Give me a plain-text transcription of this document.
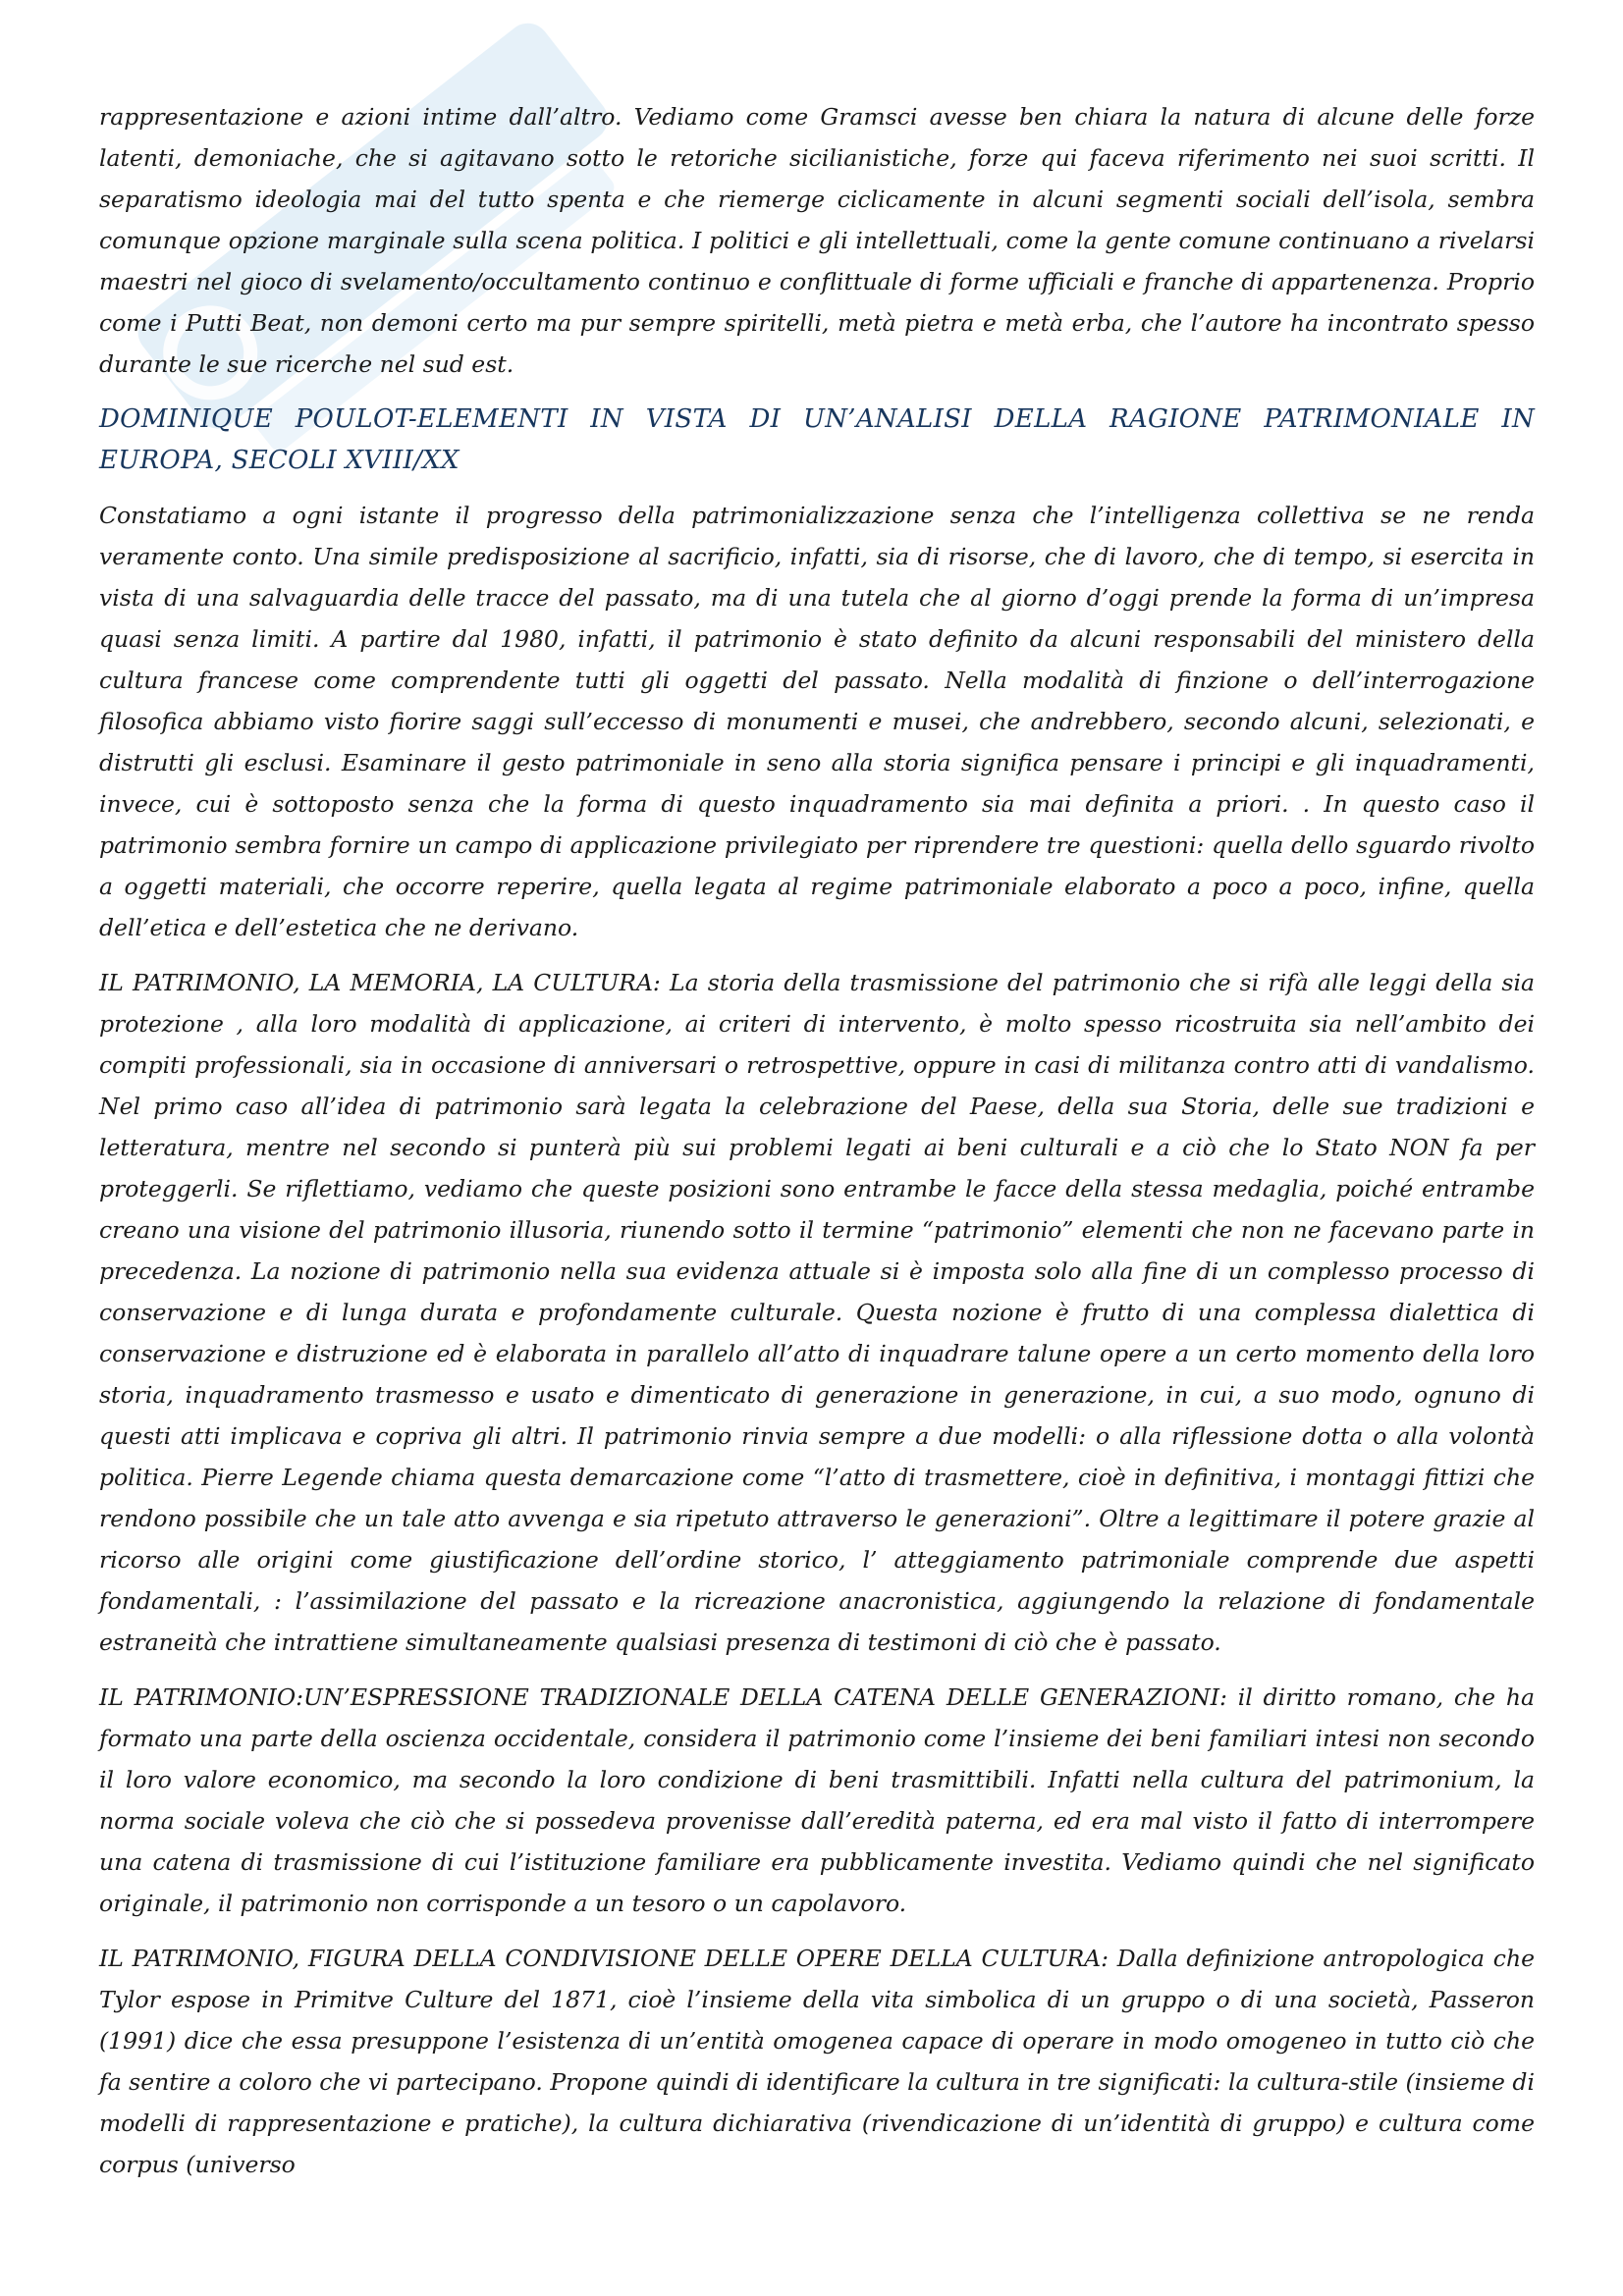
rappresentazione e azioni intime dall’altro. Vediamo come Gramsci avesse ben chiara la natura di alcune delle forze latenti, demoniache, che si agitavano sotto le retoriche sicilianistiche, forze qui faceva riferimento nei suoi scritti. Il separatismo ideologia mai del tutto spenta e che riemerge ciclicamente in alcuni segmenti sociali dell’isola, sembra comunque opzione marginale sulla scena politica. I politici e gli intellettuali, come la gente comune continuano a rivelarsi maestri nel gioco di svelamento/occultamento continuo e conflittuale di forme ufficiali e franche di appartenenza. Proprio come i Putti Beat, non demoni certo ma pur sempre spiritelli, metà pietra e metà erba, che l’autore ha incontrato spesso durante le sue ricerche nel sud est.

DOMINIQUE POULOT-ELEMENTI IN VISTA DI UN’ANALISI DELLA RAGIONE PATRIMONIALE IN EUROPA, SECOLI XVIII/XX

Constatiamo a ogni istante il progresso della patrimonializzazione senza che l’intelligenza collettiva se ne renda veramente conto. Una simile predisposizione al sacrificio, infatti, sia di risorse, che di lavoro, che di tempo, si esercita in vista di una salvaguardia delle tracce del passato, ma di una tutela che al giorno d’oggi prende la forma di un’impresa quasi senza limiti. A partire dal 1980, infatti, il patrimonio è stato definito da alcuni responsabili del ministero della cultura francese come comprendente tutti gli oggetti del passato. Nella modalità di finzione o dell’interrogazione filosofica abbiamo visto fiorire saggi sull’eccesso di monumenti e musei, che andrebbero, secondo alcuni, selezionati, e distrutti gli esclusi. Esaminare il gesto patrimoniale in seno alla storia significa pensare i principi e gli inquadramenti, invece, cui è sottoposto senza che la forma di questo inquadramento sia mai definita a priori. . In questo caso il patrimonio sembra fornire un campo di applicazione privilegiato per riprendere tre questioni: quella dello sguardo rivolto a oggetti materiali, che occorre reperire, quella legata al regime patrimoniale elaborato a poco a poco, infine, quella dell’etica e dell’estetica che ne derivano.

IL PATRIMONIO, LA MEMORIA, LA CULTURA: La storia della trasmissione del patrimonio che si rifà alle leggi della sia protezione , alla loro modalità di applicazione, ai criteri di intervento, è molto spesso ricostruita sia nell’ambito dei compiti professionali, sia in occasione di anniversari o retrospettive, oppure in casi di militanza contro atti di vandalismo. Nel primo caso all’idea di patrimonio sarà legata la celebrazione del Paese, della sua Storia, delle sue tradizioni e letteratura, mentre nel secondo si punterà più sui problemi legati ai beni culturali e a ciò che lo Stato NON fa per proteggerli. Se riflettiamo, vediamo che queste posizioni sono entrambe le facce della stessa medaglia, poiché entrambe creano una visione del patrimonio illusoria, riunendo sotto il termine “patrimonio” elementi che non ne facevano parte in precedenza. La nozione di patrimonio nella sua evidenza attuale si è imposta solo alla fine di un complesso processo di conservazione e di lunga durata e profondamente culturale. Questa nozione è frutto di una complessa dialettica di conservazione e distruzione ed è elaborata in parallelo all’atto di inquadrare talune opere a un certo momento della loro storia, inquadramento trasmesso e usato e dimenticato di generazione in generazione, in cui, a suo modo, ognuno di questi atti implicava e copriva gli altri. Il patrimonio rinvia sempre a due modelli: o alla riflessione dotta o alla volontà politica. Pierre Legende chiama questa demarcazione come “l’atto di trasmettere, cioè in definitiva, i montaggi fittizi che rendono possibile che un tale atto avvenga e sia ripetuto attraverso le generazioni”. Oltre a legittimare il potere grazie al ricorso alle origini come giustificazione dell’ordine storico, l’ atteggiamento patrimoniale comprende due aspetti fondamentali, : l’assimilazione del passato e la ricreazione anacronistica, aggiungendo la relazione di fondamentale estraneità che intrattiene simultaneamente qualsiasi presenza di testimoni di ciò che è passato.

IL PATRIMONIO:UN’ESPRESSIONE TRADIZIONALE DELLA CATENA DELLE GENERAZIONI: il diritto romano, che ha formato una parte della oscienza occidentale, considera il patrimonio come l’insieme dei beni familiari intesi non secondo il loro valore economico, ma secondo la loro condizione di beni trasmittibili. Infatti nella cultura del patrimonium, la norma sociale voleva che ciò che si possedeva provenisse dall’eredità paterna, ed era mal visto il fatto di interrompere una catena di trasmissione di cui l’istituzione familiare era pubblicamente investita. Vediamo quindi che nel significato originale, il patrimonio non corrisponde a un tesoro o un capolavoro.

IL PATRIMONIO, FIGURA DELLA CONDIVISIONE DELLE OPERE DELLA CULTURA: Dalla definizione antropologica che Tylor espose in Primitve Culture del 1871, cioè l’insieme della vita simbolica di un gruppo o di una società, Passeron (1991) dice che essa presuppone l’esistenza di un’entità omogenea capace di operare in modo omogeneo in tutto ciò che fa sentire a coloro che vi partecipano. Propone quindi di identificare la cultura in tre significati: la cultura-stile (insieme di modelli di rappresentazione e pratiche), la cultura dichiarativa (rivendicazione di un’identità di gruppo) e cultura come corpus (universo
